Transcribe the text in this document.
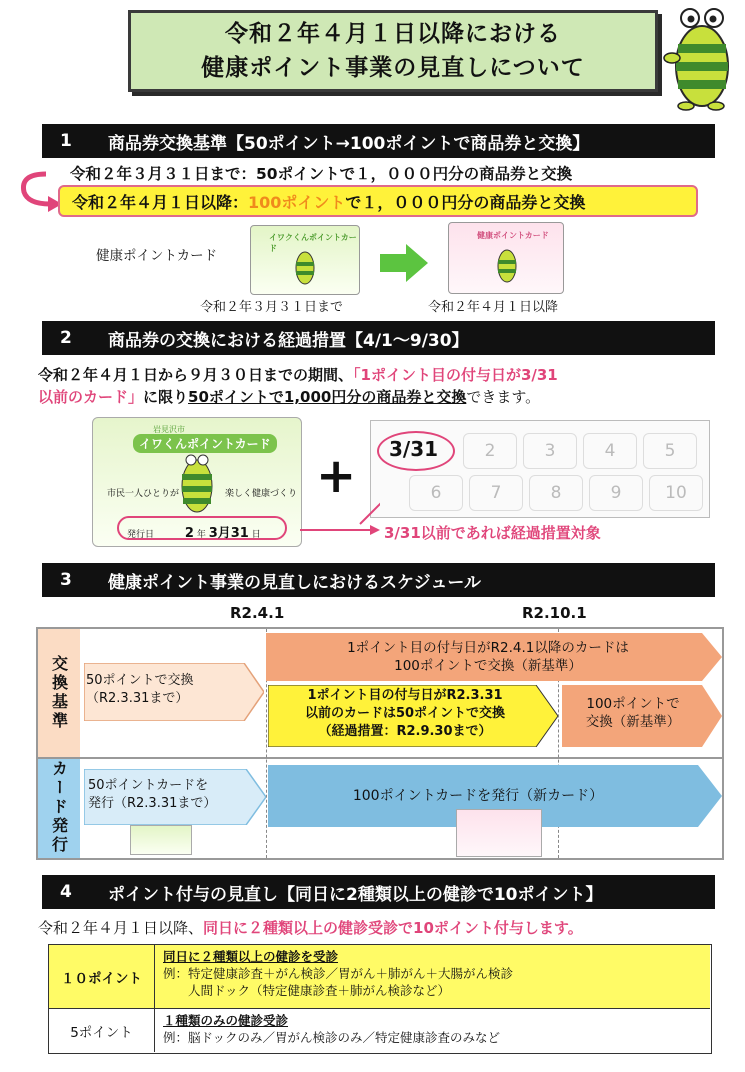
令和２年４月１日以降における
健康ポイント事業の見直しについて
1	商品券交換基準【50ポイント→100ポイントで商品券と交換】
令和２年３月３１日まで：50ポイントで１，０００円分の商品券と交換
令和２年４月１日以降： 100ポイント で１，０００円分の商品券と交換
健康ポイントカード
イワクくんポイントカード
健康ポイントカード
令和２年３月３１日まで	令和２年４月１日以降
2	商品券の交換における経過措置【4/1～9/30】
令和２年４月１日から９月３０日までの期間、「1ポイント目の付与日が3/31
以前のカード」に限り50ポイントで1,000円分の商品券と交換できます。
岩見沢市
イワくんポイントカード
市民一人ひとりが	楽しく健康づくり
発行日 2 年 3月31 日
+ 3/31	2	3	4	5
6	7	8	9	10
3/31以前であれば経過措置対象
3	健康ポイント事業の見直しにおけるスケジュール
R2.4.1	R2.10.1
交換基準
カード発行
50ポイントで交換
（R2.3.31まで）
1ポイント目の付与日がR2.4.1以降のカードは
100ポイントで交換（新基準）
1ポイント目の付与日がR2.3.31
以前のカードは50ポイントで交換
（経過措置：R2.9.30まで）
100ポイントで
交換（新基準）
50ポイントカードを
発行（R2.3.31まで）	100ポイントカードを発行（新カード）
4	ポイント付与の見直し【同日に2種類以上の健診で10ポイント】
令和２年４月１日以降、同日に２種類以上の健診受診で10ポイント付与します。
１０ポイント
同日に２種類以上の健診を受診
例：特定健康診査＋がん検診／胃がん＋肺がん＋大腸がん検診
　　人間ドック（特定健康診査＋肺がん検診など）
5ポイント
１種類のみの健診受診
例：脳ドックのみ／胃がん検診のみ／特定健康診査のみなど
